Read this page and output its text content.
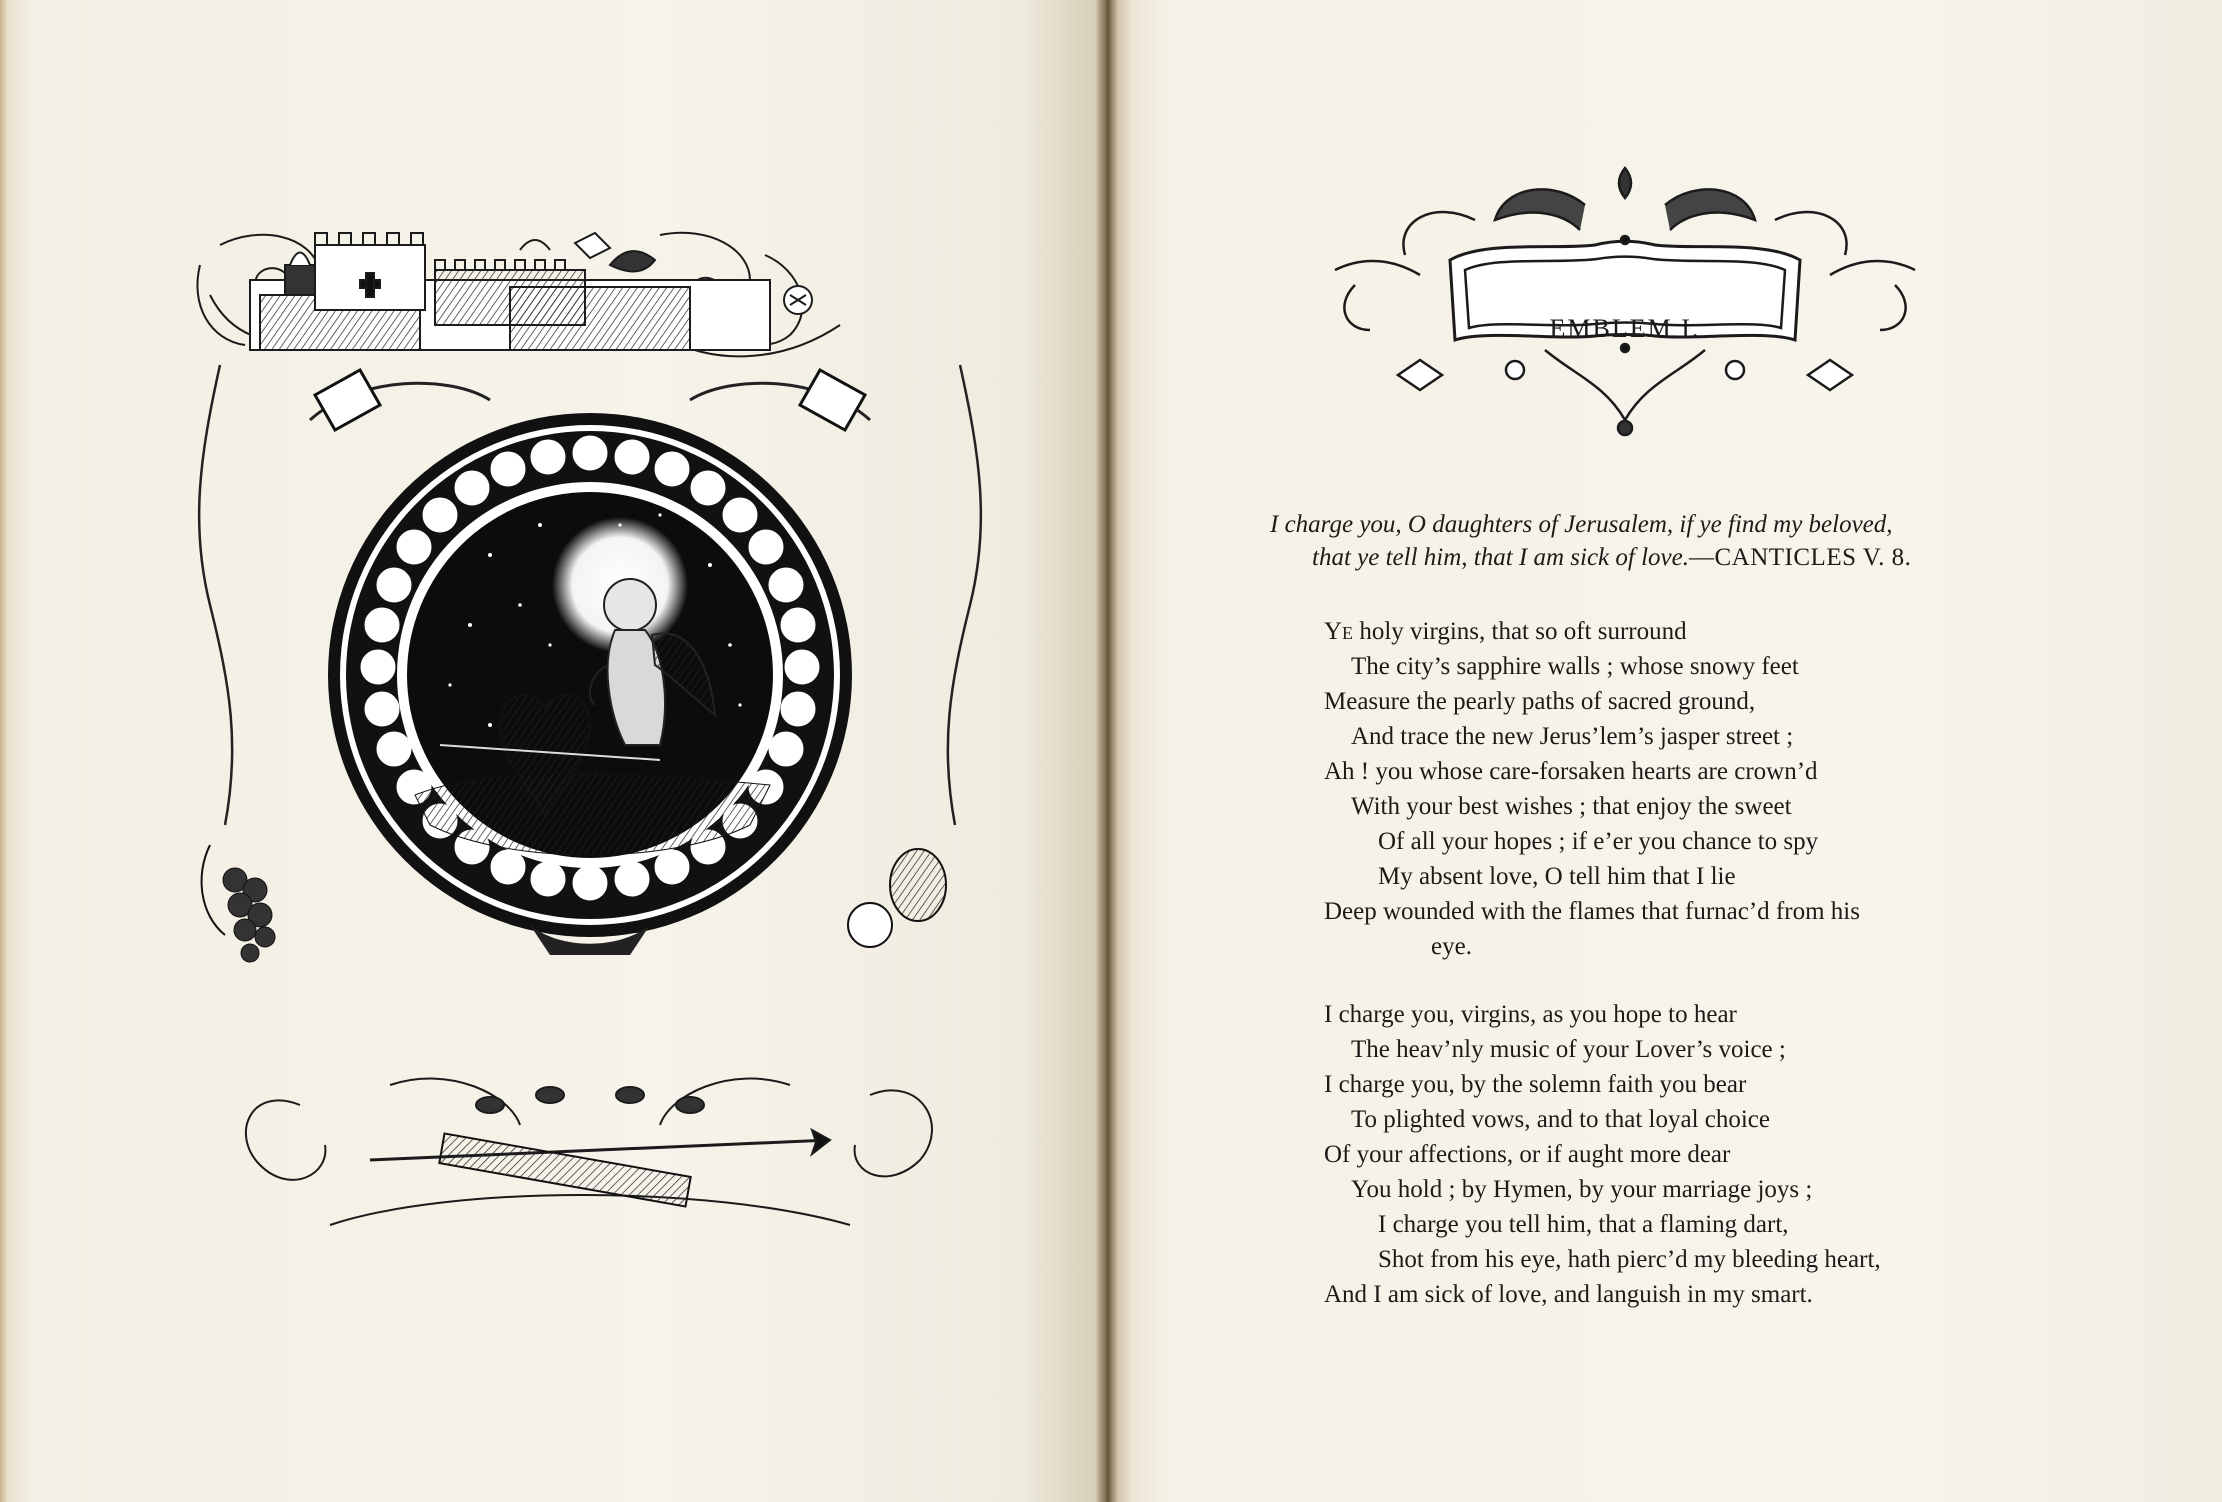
EMBLEM I.
I charge you, O daughters of Jerusalem, if ye find my beloved,
that ye tell him, that I am sick of love.—CANTICLES V. 8.
Ye holy virgins, that so oft surround
The city’s sapphire walls ; whose snowy feet
Measure the pearly paths of sacred ground,
And trace the new Jerus’lem’s jasper street ;
Ah ! you whose care-forsaken hearts are crown’d
With your best wishes ; that enjoy the sweet
Of all your hopes ; if e’er you chance to spy
My absent love, O tell him that I lie
Deep wounded with the flames that furnac’d from his
eye.
I charge you, virgins, as you hope to hear
The heav’nly music of your Lover’s voice ;
I charge you, by the solemn faith you bear
To plighted vows, and to that loyal choice
Of your affections, or if aught more dear
You hold ; by Hymen, by your marriage joys ;
I charge you tell him, that a flaming dart,
Shot from his eye, hath pierc’d my bleeding heart,
And I am sick of love, and languish in my smart.
